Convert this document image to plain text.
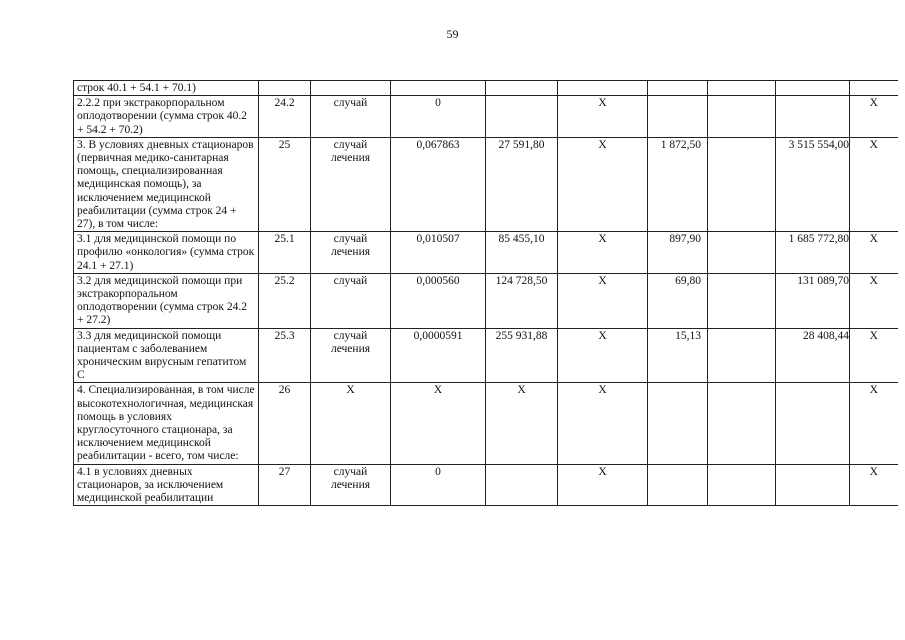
59
строк 40.1 + 54.1 + 70.1)									
2.2.2 при экстракорпоральном оплодотворении (сумма строк 40.2 + 54.2 + 70.2)	24.2	случай	0		X				X
3. В условиях дневных стационаров (первичная медико-санитарная помощь, специализированная медицинская помощь), за исключением медицинской реабилитации (сумма строк 24 + 27), в том числе:	25	случай лечения	0,067863	27 591,80	X	1 872,50		3 515 554,00	X
3.1 для медицинской помощи по профилю «онкология» (сумма строк 24.1 + 27.1)	25.1	случай лечения	0,010507	85 455,10	X	897,90		1 685 772,80	X
3.2 для медицинской помощи при экстракорпоральном оплодотворении (сумма строк 24.2 + 27.2)	25.2	случай	0,000560	124 728,50	X	69,80		131 089,70	X
3.3 для медицинской помощи пациентам с заболеванием хроническим вирусным гепатитом С	25.3	случай лечения	0,0000591	255 931,88	X	15,13		28 408,44	X
4. Специализированная, в том числе высокотехнологичная, медицинская помощь в условиях круглосуточного стационара, за исключением медицинской реабилитации - всего, том числе:	26	X	X	X	X				X
4.1 в условиях дневных стационаров, за исключением медицинской реабилитации	27	случай лечения	0		X				X
